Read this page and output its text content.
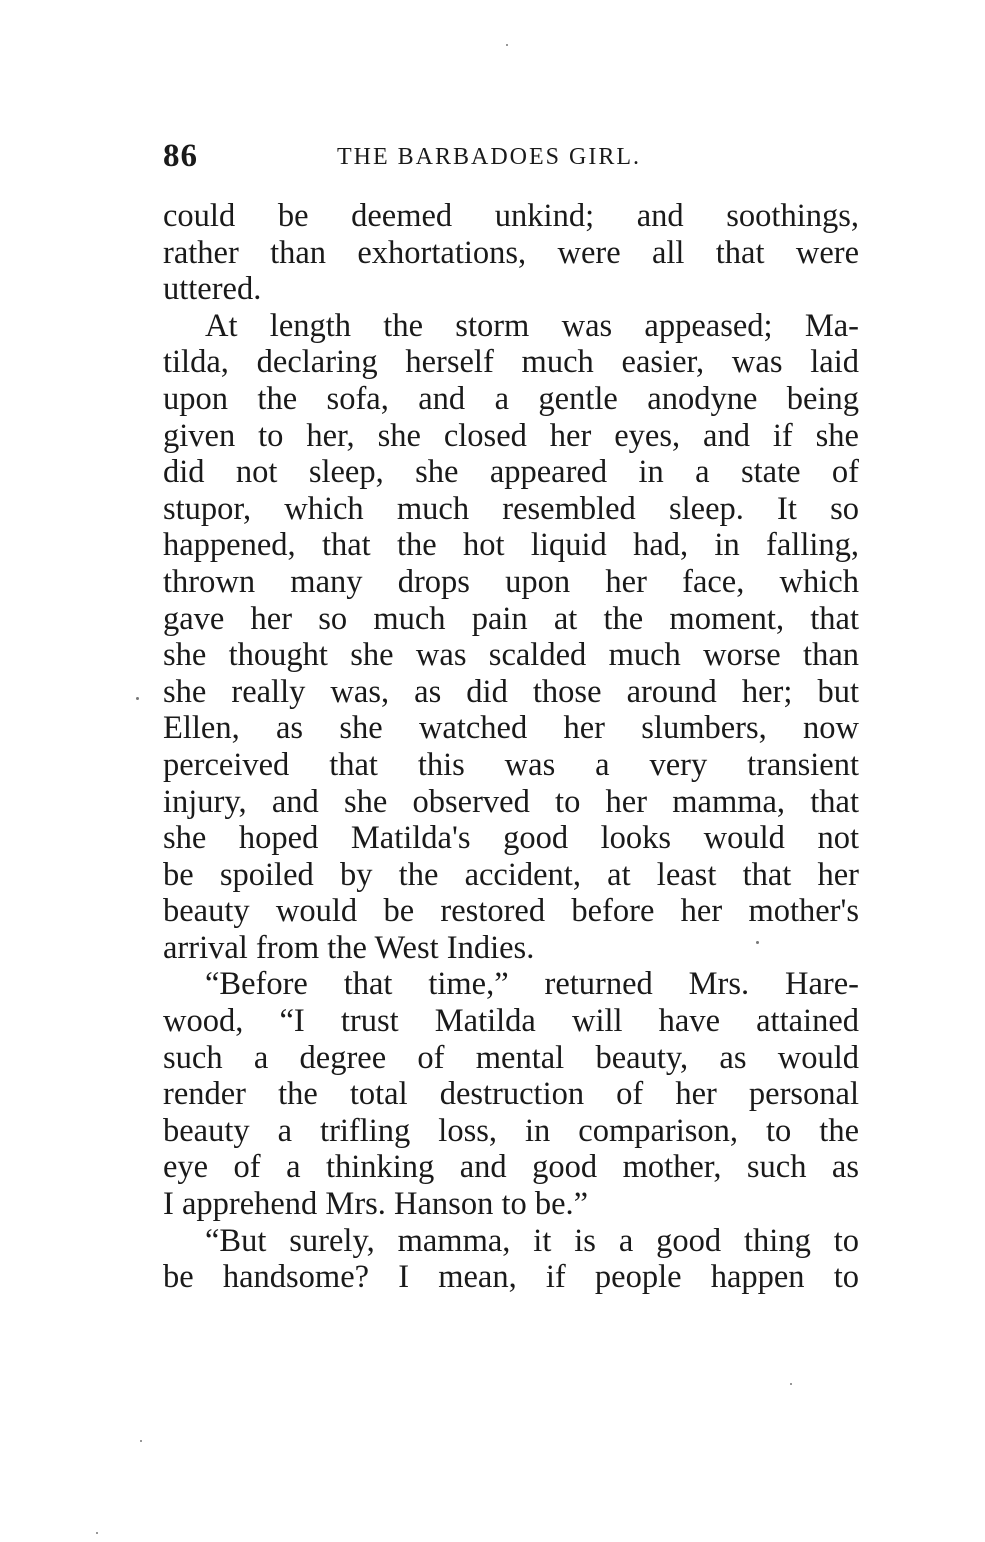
86	THE BARBADOES GIRL.
could be deemed unkind; and soothings,
rather than exhortations, were all that were
uttered.
At length the storm was appeased; Ma-
tilda, declaring herself much easier, was laid
upon the sofa, and a gentle anodyne being
given to her, she closed her eyes, and if she
did not sleep, she appeared in a state of
stupor, which much resembled sleep. It so
happened, that the hot liquid had, in falling,
thrown many drops upon her face, which
gave her so much pain at the moment, that
she thought she was scalded much worse than
she really was, as did those around her; but
Ellen, as she watched her slumbers, now
perceived that this was a very transient
injury, and she observed to her mamma, that
she hoped Matilda's good looks would not
be spoiled by the accident, at least that her
beauty would be restored before her mother's
arrival from the West Indies.
“Before that time,” returned Mrs. Hare-
wood, “I trust Matilda will have attained
such a degree of mental beauty, as would
render the total destruction of her personal
beauty a trifling loss, in comparison, to the
eye of a thinking and good mother, such as
I apprehend Mrs. Hanson to be.”
“But surely, mamma, it is a good thing to
be handsome? I mean, if people happen to
